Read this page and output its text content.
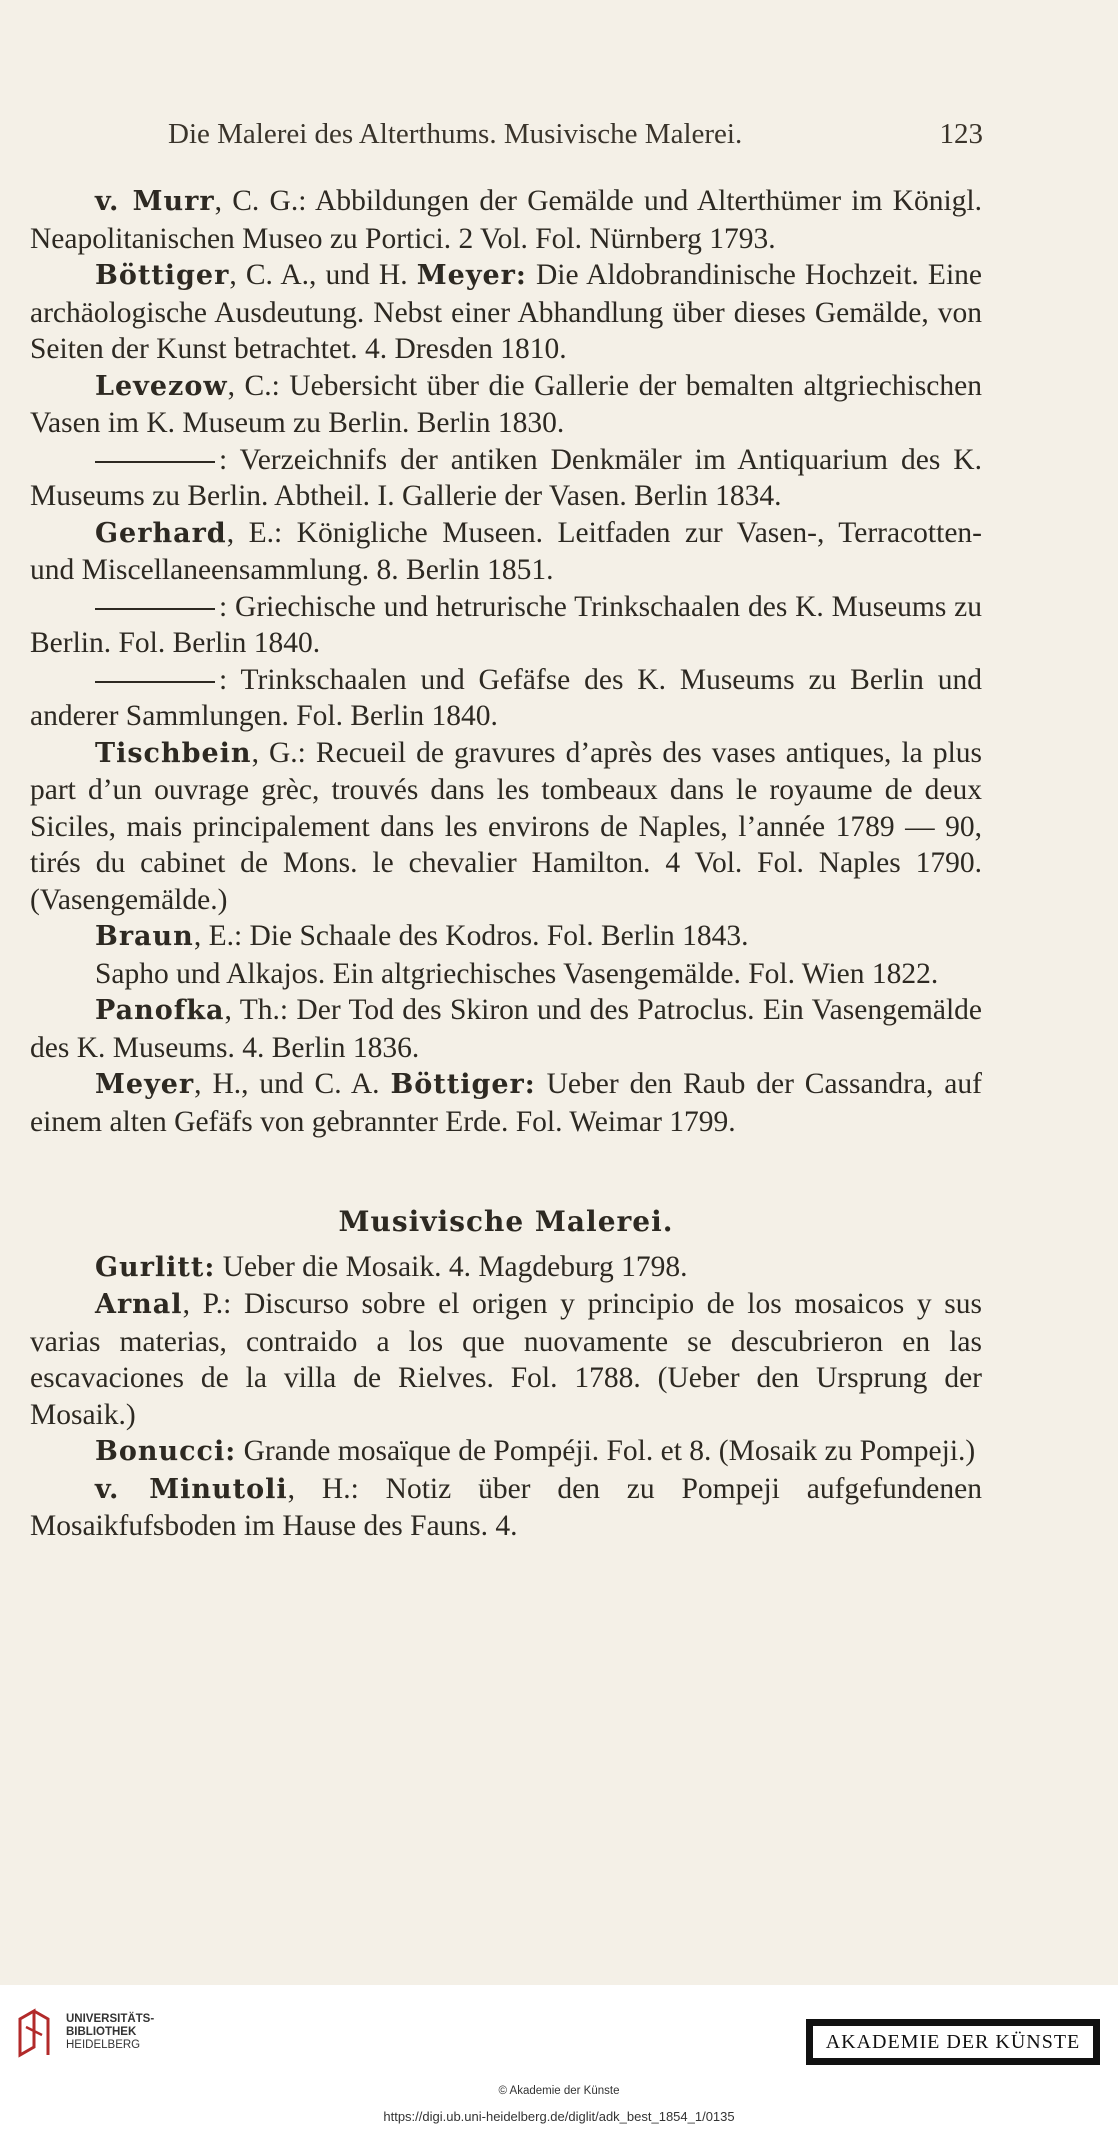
Die Malerei des Alterthums. Musivische Malerei.	123

v. Murr, C. G.: Abbildungen der Gemälde und Alterthümer im Königl. Neapolitanischen Museo zu Portici. 2 Vol. Fol. Nürnberg 1793.

Böttiger, C. A., und H. Meyer: Die Aldobrandinische Hochzeit. Eine archäologische Ausdeutung. Nebst einer Abhandlung über dieses Gemälde, von Seiten der Kunst betrachtet. 4. Dresden 1810.

Levezow, C.: Uebersicht über die Gallerie der bemalten altgriechischen Vasen im K. Museum zu Berlin. Berlin 1830.

: Verzeichnifs der antiken Denkmäler im Antiquarium des K. Museums zu Berlin. Abtheil. I. Gallerie der Vasen. Berlin 1834.

Gerhard, E.: Königliche Museen. Leitfaden zur Vasen-, Terracotten- und Miscellaneensammlung. 8. Berlin 1851.

: Griechische und hetrurische Trinkschaalen des K. Museums zu Berlin. Fol. Berlin 1840.

: Trinkschaalen und Gefäfse des K. Museums zu Berlin und anderer Sammlungen. Fol. Berlin 1840.

Tischbein, G.: Recueil de gravures d’après des vases antiques, la plus part d’un ouvrage grèc, trouvés dans les tombeaux dans le royaume de deux Siciles, mais principalement dans les environs de Naples, l’année 1789 — 90, tirés du cabinet de Mons. le chevalier Hamilton. 4 Vol. Fol. Naples 1790. (Vasengemälde.)

Braun, E.: Die Schaale des Kodros. Fol. Berlin 1843.

Sapho und Alkajos. Ein altgriechisches Vasengemälde. Fol. Wien 1822.

Panofka, Th.: Der Tod des Skiron und des Patroclus. Ein Vasengemälde des K. Museums. 4. Berlin 1836.

Meyer, H., und C. A. Böttiger: Ueber den Raub der Cassandra, auf einem alten Gefäfs von gebrannter Erde. Fol. Weimar 1799.

Musivische Malerei.

Gurlitt: Ueber die Mosaik. 4. Magdeburg 1798.

Arnal, P.: Discurso sobre el origen y principio de los mosaicos y sus varias materias, contraido a los que nuovamente se descubrieron en las escavaciones de la villa de Rielves. Fol. 1788. (Ueber den Ursprung der Mosaik.)

Bonucci: Grande mosaïque de Pompéji. Fol. et 8. (Mosaik zu Pompeji.)

v. Minutoli, H.: Notiz über den zu Pompeji aufgefundenen Mosaikfufsboden im Hause des Fauns. 4.

UNIVERSITÄTS-
BIBLIOTHEK
HEIDELBERG	AKADEMIE DER KÜNSTE
© Akademie der Künste
https://digi.ub.uni-heidelberg.de/diglit/adk_best_1854_1/0135
